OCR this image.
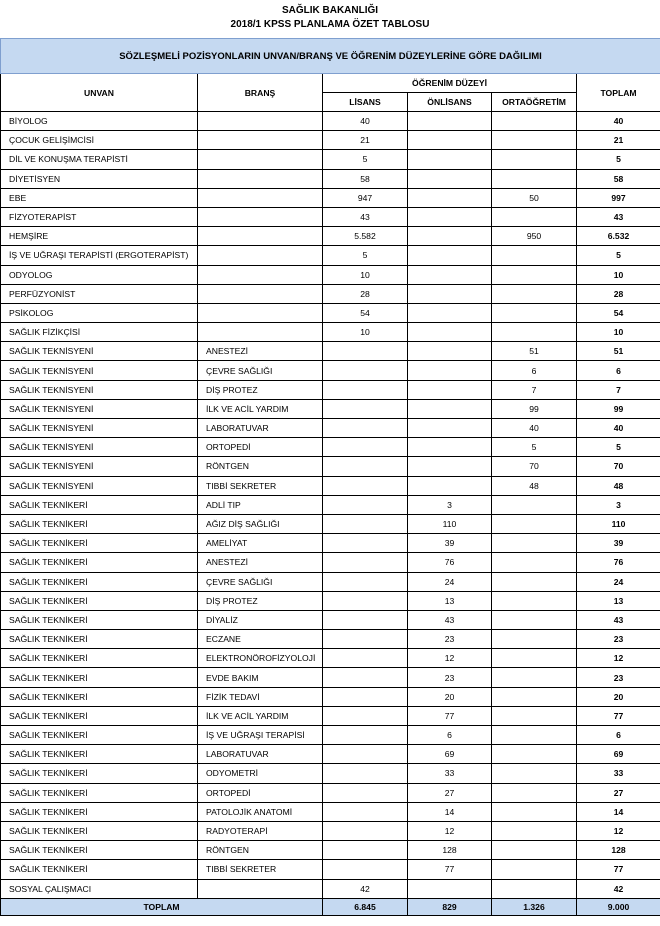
SAĞLIK BAKANLIĞI
2018/1 KPSS PLANLAMA ÖZET TABLOSU
SÖZLEŞMELİ POZİSYONLARIN UNVAN/BRANŞ VE ÖĞRENİM DÜZEYLERİNE GÖRE DAĞILIMI					
UNVAN	BRANŞ	ÖĞRENİM DÜZEYİ			TOPLAM
		LİSANS	ÖNLİSANS	ORTAÖĞRETİM	
BİYOLOG		40			40
ÇOCUK GELİŞİMCİSİ		21			21
DİL VE KONUŞMA TERAPİSTİ		5			5
DİYETİSYEN		58			58
EBE		947		50	997
FİZYOTERAPİST		43			43
HEMŞİRE		5.582		950	6.532
İŞ VE UĞRAŞI TERAPİSTİ (ERGOTERAPİST)		5			5
ODYOLOG		10			10
PERFÜZYONİST		28			28
PSİKOLOG		54			54
SAĞLIK FİZİKÇİSİ		10			10
SAĞLIK TEKNİSYENİ	ANESTEZİ			51	51
SAĞLIK TEKNİSYENİ	ÇEVRE SAĞLIĞI			6	6
SAĞLIK TEKNİSYENİ	DİŞ PROTEZ			7	7
SAĞLIK TEKNİSYENİ	İLK VE ACİL YARDIM			99	99
SAĞLIK TEKNİSYENİ	LABORATUVAR			40	40
SAĞLIK TEKNİSYENİ	ORTOPEDİ			5	5
SAĞLIK TEKNİSYENİ	RÖNTGEN			70	70
SAĞLIK TEKNİSYENİ	TIBBİ SEKRETER			48	48
SAĞLIK TEKNİKERİ	ADLİ TIP		3		3
SAĞLIK TEKNİKERİ	AĞIZ DİŞ SAĞLIĞI		110		110
SAĞLIK TEKNİKERİ	AMELİYAT		39		39
SAĞLIK TEKNİKERİ	ANESTEZİ		76		76
SAĞLIK TEKNİKERİ	ÇEVRE SAĞLIĞI		24		24
SAĞLIK TEKNİKERİ	DİŞ PROTEZ		13		13
SAĞLIK TEKNİKERİ	DİYALİZ		43		43
SAĞLIK TEKNİKERİ	ECZANE		23		23
SAĞLIK TEKNİKERİ	ELEKTRONÖROFİZYOLOJİ		12		12
SAĞLIK TEKNİKERİ	EVDE BAKIM		23		23
SAĞLIK TEKNİKERİ	FİZİK TEDAVİ		20		20
SAĞLIK TEKNİKERİ	İLK VE ACİL YARDIM		77		77
SAĞLIK TEKNİKERİ	İŞ VE UĞRAŞI TERAPİSİ		6		6
SAĞLIK TEKNİKERİ	LABORATUVAR		69		69
SAĞLIK TEKNİKERİ	ODYOMETRİ		33		33
SAĞLIK TEKNİKERİ	ORTOPEDİ		27		27
SAĞLIK TEKNİKERİ	PATOLOJİK ANATOMİ		14		14
SAĞLIK TEKNİKERİ	RADYOTERAPİ		12		12
SAĞLIK TEKNİKERİ	RÖNTGEN		128		128
SAĞLIK TEKNİKERİ	TIBBİ SEKRETER		77		77
SOSYAL ÇALIŞMACI		42			42
TOPLAM		6.845	829	1.326	9.000
